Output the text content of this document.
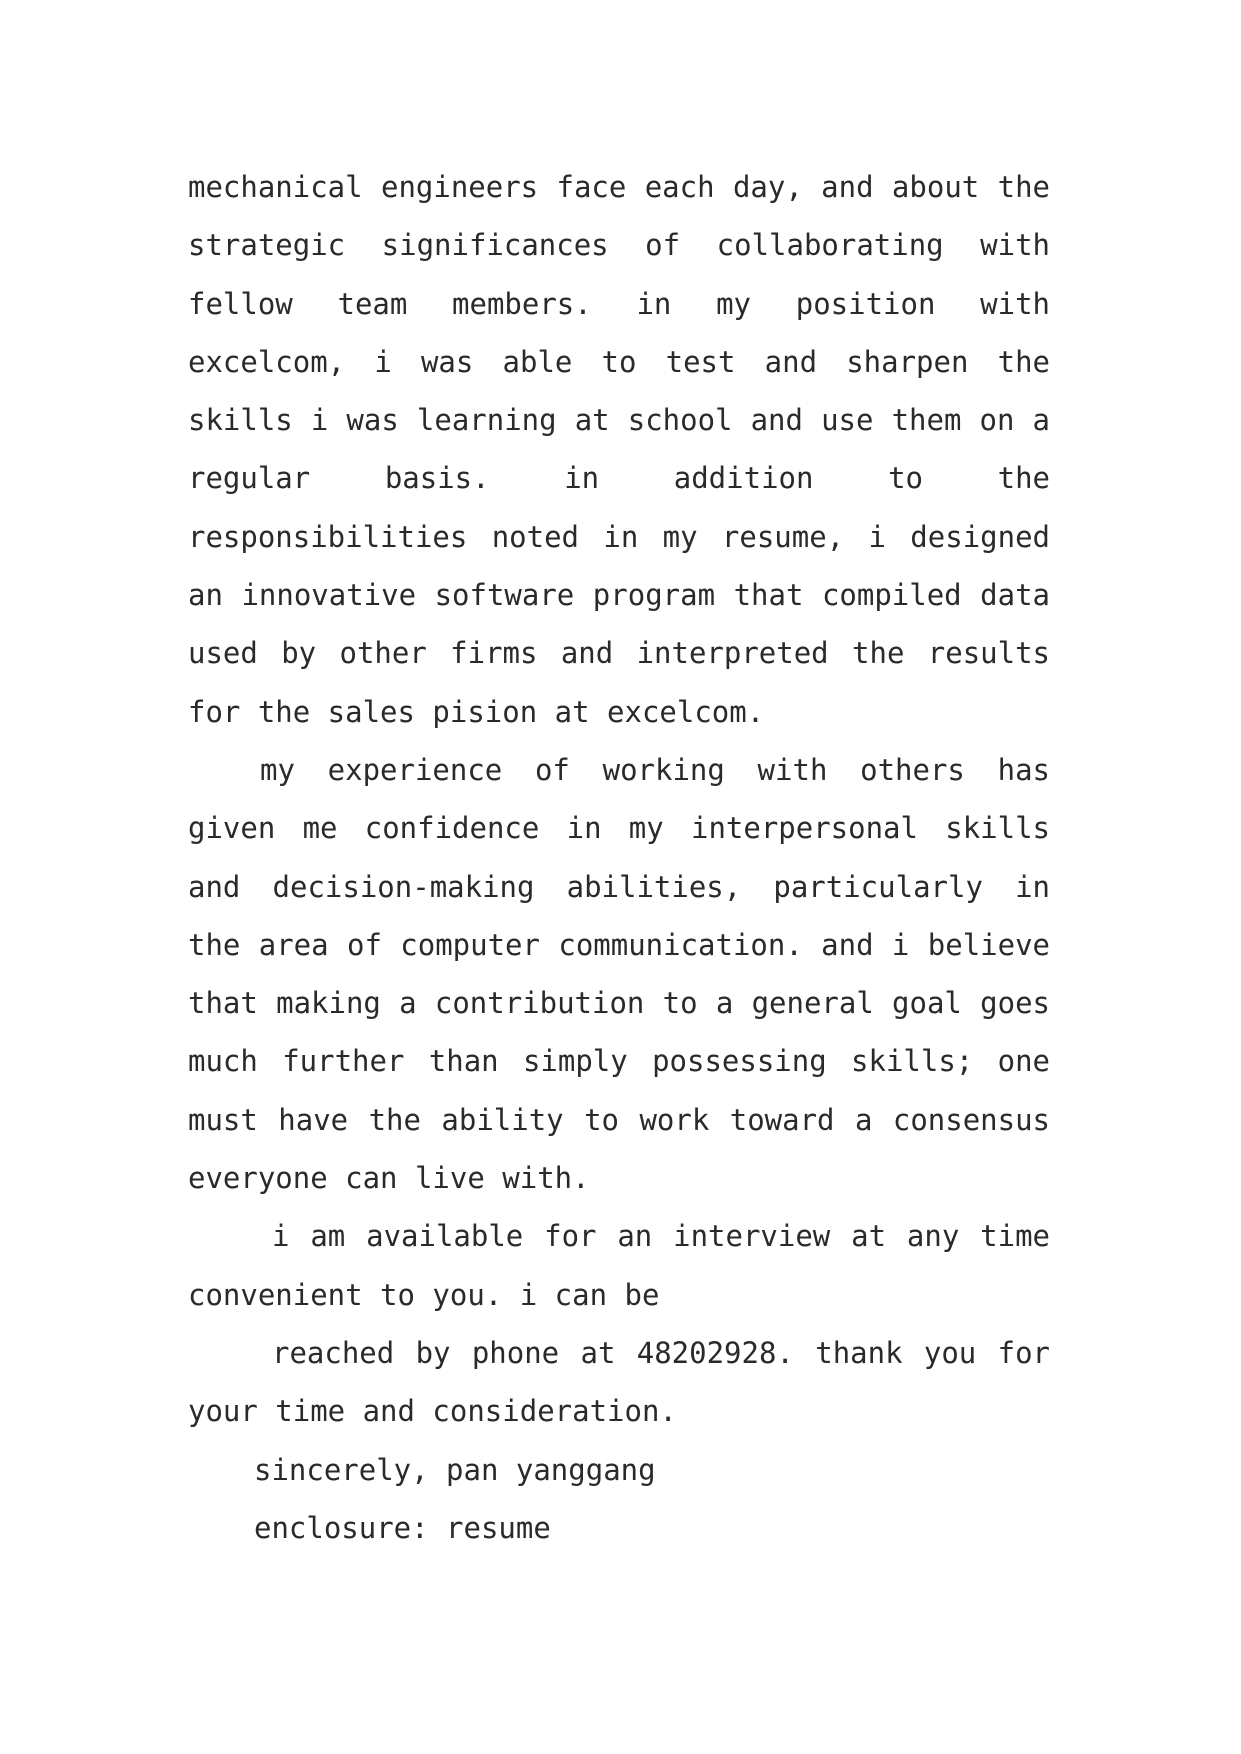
mechanical engineers face each day, and about the strategic significances of collaborating with fellow team members. in my position with excelcom, i was able to test and sharpen the skills i was learning at school and use them on a regular basis. in addition to the responsibilities noted in my resume, i designed an innovative software program that compiled data used by other firms and interpreted the results for the sales pision at excelcom.

my experience of working with others has given me confidence in my interpersonal skills and decision-making abilities, particularly in the area of computer communication. and i believe that making a contribution to a general goal goes much further than simply possessing skills; one must have the ability to work toward a consensus everyone can live with.

i am available for an interview at any time convenient to you. i can be

reached by phone at 48202928. thank you for your time and consideration.

sincerely, pan yanggang

enclosure: resume
